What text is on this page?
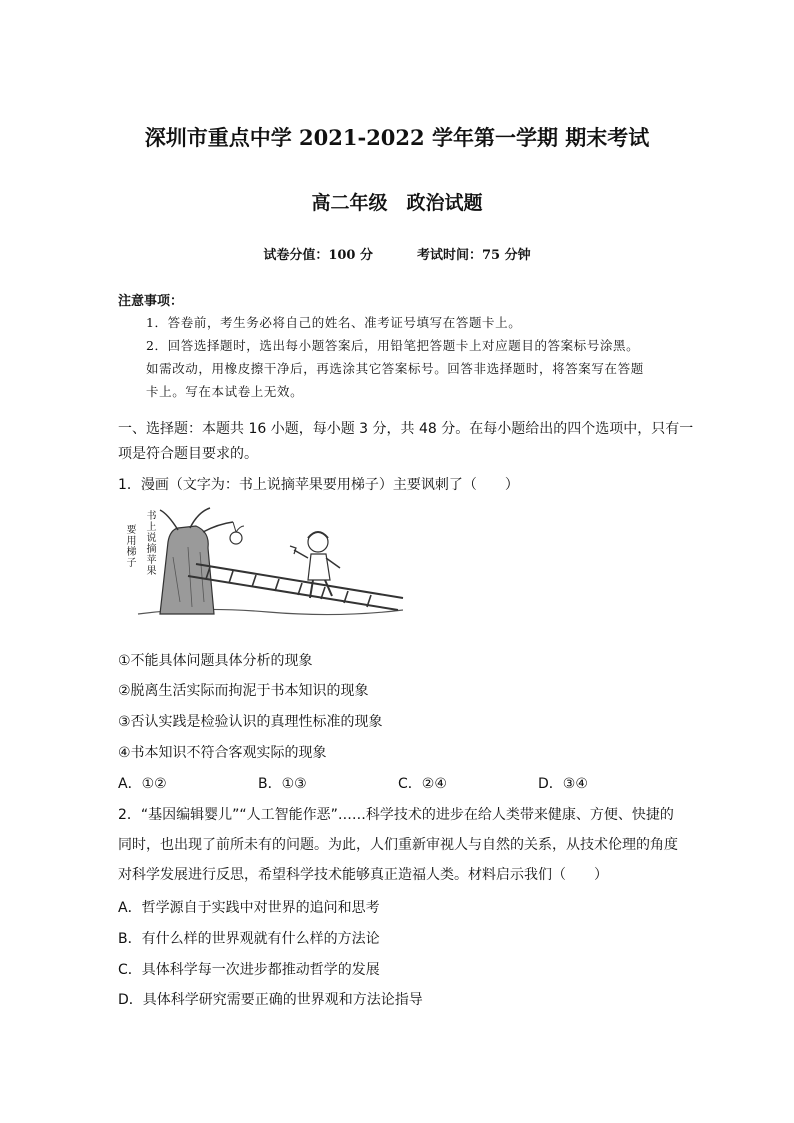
深圳市重点中学 2021-2022 学年第一学期 期末考试
高二年级　政治试题
试卷分值：100 分	考试时间：75 分钟
注意事项：
1．答卷前，考生务必将自己的姓名、准考证号填写在答题卡上。
2．回答选择题时，选出每小题答案后，用铅笔把答题卡上对应题目的答案标号涂黑。
如需改动，用橡皮擦干净后，再选涂其它答案标号。回答非选择题时，将答案写在答题
卡上。写在本试卷上无效。
一、选择题：本题共 16 小题，每小题 3 分，共 48 分。在每小题给出的四个选项中，只有一
项是符合题目要求的。
1．漫画（文字为：书上说摘苹果要用梯子）主要讽刺了（　　）
书上说摘苹果
要用梯子
①不能具体问题具体分析的现象
②脱离生活实际而拘泥于书本知识的现象
③否认实践是检验认识的真理性标准的现象
④书本知识不符合客观实际的现象
A．①②	B．①③	C．②④	D．③④
2．“基因编辑婴儿”“人工智能作恶”……科学技术的进步在给人类带来健康、方便、快捷的
同时，也出现了前所未有的问题。为此，人们重新审视人与自然的关系，从技术伦理的角度
对科学发展进行反思，希望科学技术能够真正造福人类。材料启示我们（　　）
A．哲学源自于实践中对世界的追问和思考
B．有什么样的世界观就有什么样的方法论
C．具体科学每一次进步都推动哲学的发展
D．具体科学研究需要正确的世界观和方法论指导
